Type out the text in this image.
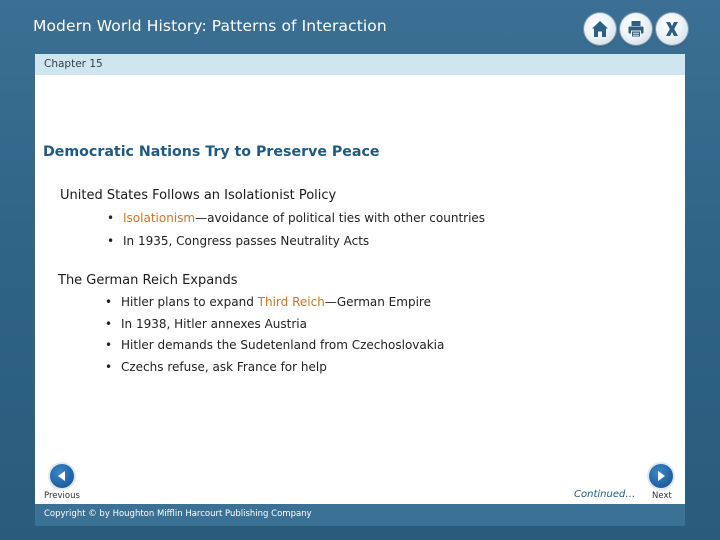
Modern World History: Patterns of Interaction
Chapter 15
Democratic Nations Try to Preserve Peace
United States Follows an Isolationist Policy
• Isolationism—avoidance of political ties with other countries
• In 1935, Congress passes Neutrality Acts
The German Reich Expands
• Hitler plans to expand Third Reich—German Empire
• In 1938, Hitler annexes Austria
• Hitler demands the Sudetenland from Czechoslovakia
• Czechs refuse, ask France for help
Previous	Continued… Next
Copyright © by Houghton Mifflin Harcourt Publishing Company
